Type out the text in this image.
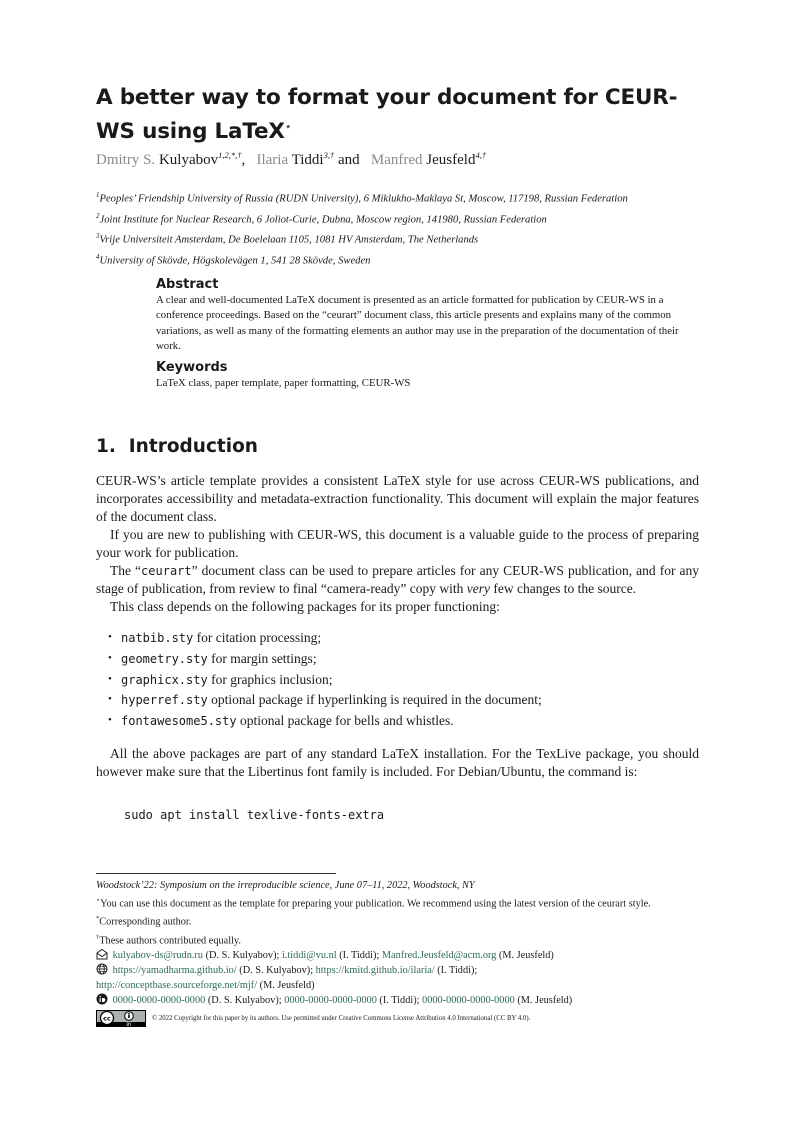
A better way to format your document for CEUR-WS using LaTeX⋆
Dmitry S. Kulyabov$^{1,2,*,\dagger}$,   Ilaria Tiddi$^{3,\dagger}$ and   Manfred Jeusfeld$^{4,\dagger}$
$^1$Peoples’ Friendship University of Russia (RUDN University), 6 Miklukho-Maklaya St, Moscow, 117198, Russian Federation
$^2$Joint Institute for Nuclear Research, 6 Joliot-Curie, Dubna, Moscow region, 141980, Russian Federation
$^3$Vrije Universiteit Amsterdam, De Boelelaan 1105, 1081 HV Amsterdam, The Netherlands
$^4$University of Skövde, Högskolevägen 1, 541 28 Skövde, Sweden
Abstract
A clear and well-documented LaTeX document is presented as an article formatted for publication by CEUR-WS in a conference proceedings. Based on the “ceurart” document class, this article presents and explains many of the common variations, as well as many of the formatting elements an author may use in the preparation of the documentation of their work.
Keywords
LaTeX class, paper template, paper formatting, CEUR-WS
1. Introduction

CEUR-WS’s article template provides a consistent LaTeX style for use across CEUR-WS publications, and incorporates accessibility and metadata-extraction functionality. This document will explain the major features of the document class.

If you are new to publishing with CEUR-WS, this document is a valuable guide to the process of preparing your work for publication.

The “ceurart” document class can be used to prepare articles for any CEUR-WS publication, and for any stage of publication, from review to final “camera-ready” copy with very few changes to the source.

This class depends on the following packages for its proper functioning:

• natbib.sty for citation processing;
• geometry.sty for margin settings;
• graphicx.sty for graphics inclusion;
• hyperref.sty optional package if hyperlinking is required in the document;
• fontawesome5.sty optional package for bells and whistles.

All the above packages are part of any standard LaTeX installation. For the TexLive package, you should however make sure that the Libertinus font family is included. For Debian/Ubuntu, the command is:

sudo apt install texlive-fonts-extra
Woodstock’22: Symposium on the irreproducible science, June 07–11, 2022, Woodstock, NY
⋆You can use this document as the template for preparing your publication. We recommend using the latest version of the ceurart style.
*Corresponding author.
†These authors contributed equally.
kulyabov-ds@rudn.ru (D. S. Kulyabov); i.tiddi@vu.nl (I. Tiddi); Manfred.Jeusfeld@acm.org (M. Jeusfeld)
https://yamadharma.github.io/ (D. S. Kulyabov); https://kmitd.github.io/ilaria/ (I. Tiddi);
http://conceptbase.sourceforge.net/mjf/ (M. Jeusfeld)
0000-0000-0000-0000 (D. S. Kulyabov); 0000-0000-0000-0000 (I. Tiddi); 0000-0000-0000-0000 (M. Jeusfeld)
cc
BY
© 2022 Copyright for this paper by its authors. Use permitted under Creative Commons License Attribution 4.0 International (CC BY 4.0).
